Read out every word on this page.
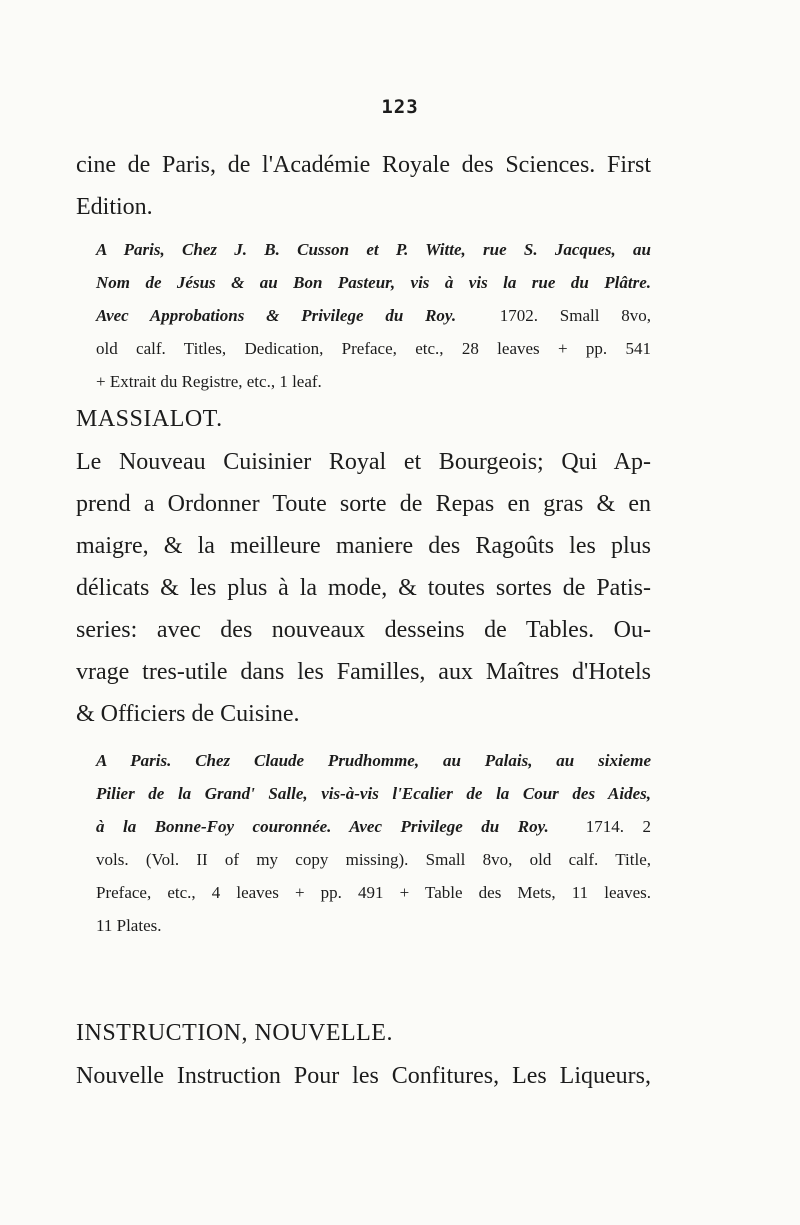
123
cine de Paris, de l'Académie Royale des Sciences. First
Edition.
A Paris, Chez J. B. Cusson et P. Witte, rue S. Jacques, au
Nom de Jésus & au Bon Pasteur, vis à vis la rue du Plâtre.
Avec Approbations & Privilege du Roy.	1702. Small 8vo,
old calf. Titles, Dedication, Preface, etc., 28 leaves + pp. 541
+ Extrait du Registre, etc., 1 leaf.
MASSIALOT.
Le Nouveau Cuisinier Royal et Bourgeois; Qui Ap-
prend a Ordonner Toute sorte de Repas en gras & en
maigre, & la meilleure maniere des Ragoûts les plus
délicats & les plus à la mode, & toutes sortes de Patis-
series: avec des nouveaux desseins de Tables. Ou-
vrage tres-utile dans les Familles, aux Maîtres d'Hotels
& Officiers de Cuisine.
A Paris. Chez Claude Prudhomme, au Palais, au sixieme
Pilier de la Grand' Salle, vis-à-vis l'Ecalier de la Cour des Aides,
à la Bonne-Foy couronnée. Avec Privilege du Roy. 1714. 2
vols. (Vol. II of my copy missing). Small 8vo, old calf. Title,
Preface, etc., 4 leaves + pp. 491 + Table des Mets, 11 leaves.
11 Plates.
INSTRUCTION, NOUVELLE.
Nouvelle Instruction Pour les Confitures, Les Liqueurs,
